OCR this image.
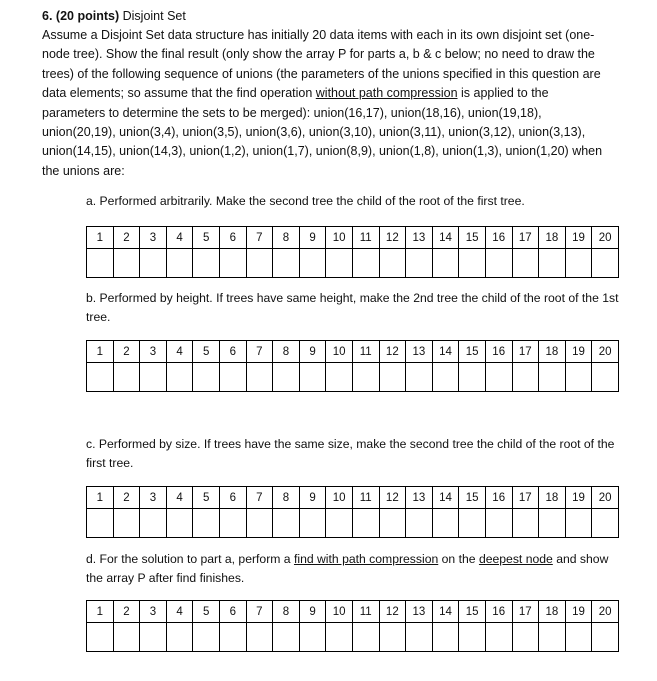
6. (20 points) Disjoint Set
Assume a Disjoint Set data structure has initially 20 data items with each in its own disjoint set (one-node tree). Show the final result (only show the array P for parts a, b & c below; no need to draw the trees) of the following sequence of unions (the parameters of the unions specified in this question are data elements; so assume that the find operation without path compression is applied to the parameters to determine the sets to be merged): union(16,17), union(18,16), union(19,18), union(20,19), union(3,4), union(3,5), union(3,6), union(3,10), union(3,11), union(3,12), union(3,13), union(14,15), union(14,3), union(1,2), union(1,7), union(8,9), union(1,8), union(1,3), union(1,20) when the unions are:
a. Performed arbitrarily. Make the second tree the child of the root of the first tree.
1	2	3	4	5	6	7	8	9	10	11	12	13	14	15	16	17	18	19	20

b. Performed by height. If trees have same height, make the 2nd tree the child of the root of the 1st tree.
1	2	3	4	5	6	7	8	9	10	11	12	13	14	15	16	17	18	19	20

c. Performed by size. If trees have the same size, make the second tree the child of the root of the first tree.
1	2	3	4	5	6	7	8	9	10	11	12	13	14	15	16	17	18	19	20

d. For the solution to part a, perform a find with path compression on the deepest node and show the array P after find finishes.
1	2	3	4	5	6	7	8	9	10	11	12	13	14	15	16	17	18	19	20
